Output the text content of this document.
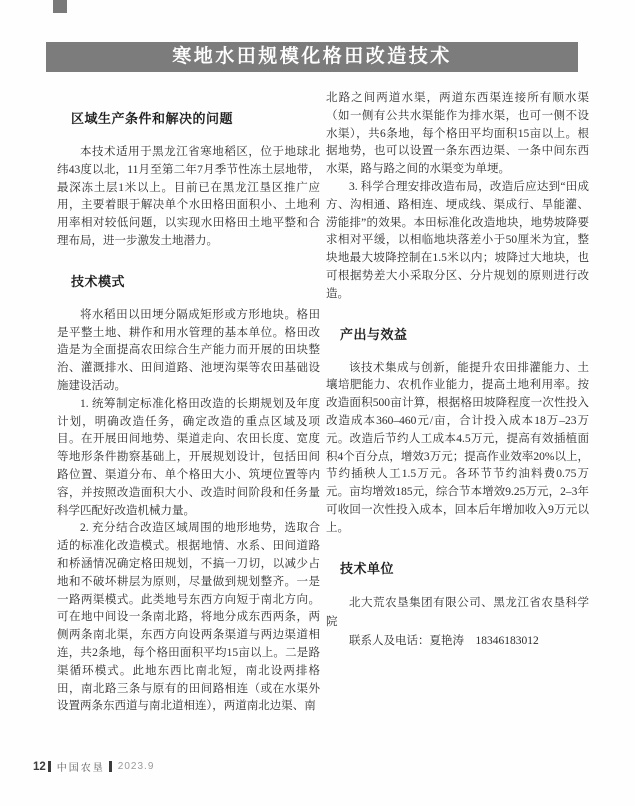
寒地水田规模化格田改造技术
区域生产条件和解决的问题

本技术适用于黑龙江省寒地稻区，位于地球北纬43度以北，11月至第二年7月季节性冻土层地带，最深冻土层1米以上。目前已在黑龙江垦区推广应用，主要着眼于解决单个水田格田面积小、土地利用率相对较低问题，以实现水田格田土地平整和合理布局，进一步激发土地潜力。

技术模式

将水稻田以田埂分隔成矩形或方形地块。格田是平整土地、耕作和用水管理的基本单位。格田改造是为全面提高农田综合生产能力而开展的田块整治、灌溉排水、田间道路、池埂沟渠等农田基础设施建设活动。

1. 统筹制定标准化格田改造的长期规划及年度计划，明确改造任务，确定改造的重点区域及项目。在开展田间地势、渠道走向、农田长度、宽度等地形条件勘察基础上，开展规划设计，包括田间路位置、渠道分布、单个格田大小、筑埂位置等内容，并按照改造面积大小、改造时间阶段和任务量科学匹配好改造机械力量。

2. 充分结合改造区域周围的地形地势，选取合适的标准化改造模式。根据地情、水系、田间道路和桥涵情况确定格田规划，不搞一刀切，以减少占地和不破坏耕层为原则，尽量做到规划整齐。一是一路两渠模式。此类地号东西方向短于南北方向。可在地中间设一条南北路，将地分成东西两条，两侧两条南北渠，东西方向设两条渠道与两边渠道相连，共2条地，每个格田面积平均15亩以上。二是路渠循环模式。此地东西比南北短，南北设两排格田，南北路三条与原有的田间路相连（或在水渠外设置两条东西道与南北道相连），两道南北边渠、南

北路之间两道水渠，两道东西渠连接所有顺水渠（如一侧有公共水渠能作为排水渠，也可一侧不设水渠），共6条地，每个格田平均面积15亩以上。根据地势，也可以设置一条东西边渠、一条中间东西水渠，路与路之间的水渠变为单埂。

3. 科学合理安排改造布局，改造后应达到“田成方、沟相通、路相连、埂成线、渠成行、旱能灌、涝能排”的效果。本田标准化改造地块，地势坡降要求相对平缓，以相临地块落差小于50厘米为宜，整块地最大坡降控制在1.5米以内；坡降过大地块，也可根据势差大小采取分区、分片规划的原则进行改造。

产出与效益

该技术集成与创新，能提升农田排灌能力、土壤培肥能力、农机作业能力，提高土地利用率。按改造面积500亩计算，根据格田坡降程度一次性投入改造成本360–460元/亩，合计投入成本18万–23万元。改造后节约人工成本4.5万元，提高有效插植面积4个百分点，增效3万元；提高作业效率20%以上，节约插秧人工1.5万元。各环节节约油料费0.75万元。亩均增效185元，综合节本增效9.25万元，2–3年可收回一次性投入成本，回本后年增加收入9万元以上。

技术单位

北大荒农垦集团有限公司、黑龙江省农垦科学院

联系人及电话：夏艳涛　18346183012

12 中国农垦 2023.9
